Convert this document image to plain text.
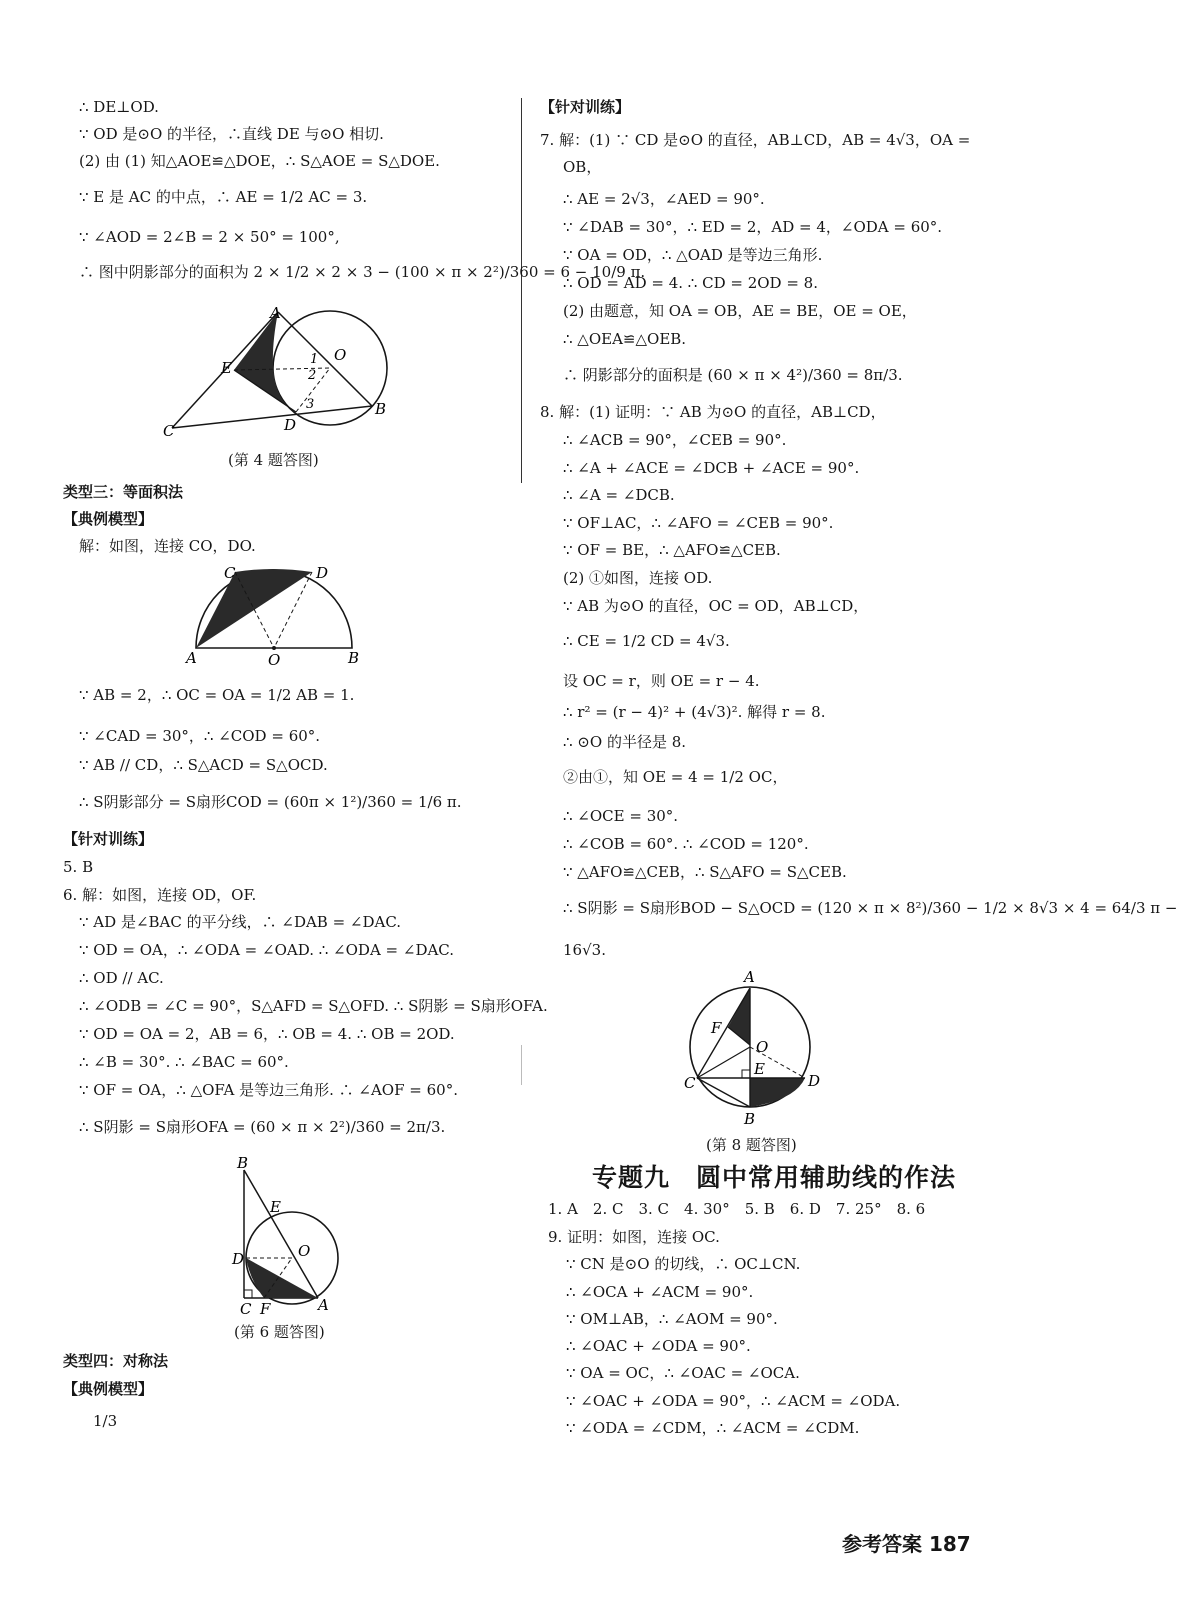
∴ DE⊥OD.
∵ OD 是⊙O 的半径，∴直线 DE 与⊙O 相切.
(2) 由 (1) 知△AOE≌△DOE，∴ S△AOE = S△DOE.
∵ E 是 AC 的中点，∴ AE = 1/2 AC = 3.
∵ ∠AOD = 2∠B = 2 × 50° = 100°,
∴ 图中阴影部分的面积为 2 × 1/2 × 2 × 3 − (100 × π × 2²)/360 = 6 − 10/9 π.
A
O
E
C	D
B
1
2
3
(第 4 题答图)
类型三：等面积法
【典例模型】
解：如图，连接 CO，DO.
C	D
A	O	B
∵ AB = 2，∴ OC = OA = 1/2 AB = 1.
∵ ∠CAD = 30°，∴ ∠COD = 60°.
∵ AB // CD，∴ S△ACD = S△OCD.
∴ S阴影部分 = S扇形COD = (60π × 1²)/360 = 1/6 π.
【针对训练】
5. B
6. 解：如图，连接 OD，OF.
∵ AD 是∠BAC 的平分线，∴ ∠DAB = ∠DAC.
∵ OD = OA，∴ ∠ODA = ∠OAD. ∴ ∠ODA = ∠DAC.
∴ OD // AC.
∴ ∠ODB = ∠C = 90°，S△AFD = S△OFD. ∴ S阴影 = S扇形OFA.
∵ OD = OA = 2，AB = 6，∴ OB = 4. ∴ OB = 2OD.
∴ ∠B = 30°. ∴ ∠BAC = 60°.
∵ OF = OA，∴ △OFA 是等边三角形. ∴ ∠AOF = 60°.
∴ S阴影 = S扇形OFA = (60 × π × 2²)/360 = 2π/3.
B
E
D	O
C F	A
(第 6 题答图)
类型四：对称法
【典例模型】
1/3
【针对训练】
7. 解：(1) ∵ CD 是⊙O 的直径，AB⊥CD，AB = 4√3，OA =
OB，
∴ AE = 2√3，∠AED = 90°.
∵ ∠DAB = 30°，∴ ED = 2，AD = 4，∠ODA = 60°.
∵ OA = OD，∴ △OAD 是等边三角形.
∴ OD = AD = 4. ∴ CD = 2OD = 8.
(2) 由题意，知 OA = OB，AE = BE，OE = OE，
∴ △OEA≌△OEB.
∴ 阴影部分的面积是 (60 × π × 4²)/360 = 8π/3.
8. 解：(1) 证明：∵ AB 为⊙O 的直径，AB⊥CD，
∴ ∠ACB = 90°，∠CEB = 90°.
∴ ∠A + ∠ACE = ∠DCB + ∠ACE = 90°.
∴ ∠A = ∠DCB.
∵ OF⊥AC，∴ ∠AFO = ∠CEB = 90°.
∵ OF = BE，∴ △AFO≌△CEB.
(2) ①如图，连接 OD.
∵ AB 为⊙O 的直径，OC = OD，AB⊥CD，
∴ CE = 1/2 CD = 4√3.
设 OC = r，则 OE = r − 4.
∴ r² = (r − 4)² + (4√3)². 解得 r = 8.
∴ ⊙O 的半径是 8.
②由①，知 OE = 4 = 1/2 OC，
∴ ∠OCE = 30°.
∴ ∠COB = 60°. ∴ ∠COD = 120°.
∵ △AFO≌△CEB，∴ S△AFO = S△CEB.
∴ S阴影 = S扇形BOD − S△OCD = (120 × π × 8²)/360 − 1/2 × 8√3 × 4 = 64/3 π −
16√3.
A
F
O
C
E
D
B
(第 8 题答图)
专题九　圆中常用辅助线的作法
1. A　2. C　3. C　4. 30°　5. B　6. D　7. 25°　8. 6
9. 证明：如图，连接 OC.
∵ CN 是⊙O 的切线，∴ OC⊥CN.
∴ ∠OCA + ∠ACM = 90°.
∵ OM⊥AB，∴ ∠AOM = 90°.
∴ ∠OAC + ∠ODA = 90°.
∵ OA = OC，∴ ∠OAC = ∠OCA.
∵ ∠OAC + ∠ODA = 90°，∴ ∠ACM = ∠ODA.
∵ ∠ODA = ∠CDM，∴ ∠ACM = ∠CDM.
参考答案 187
